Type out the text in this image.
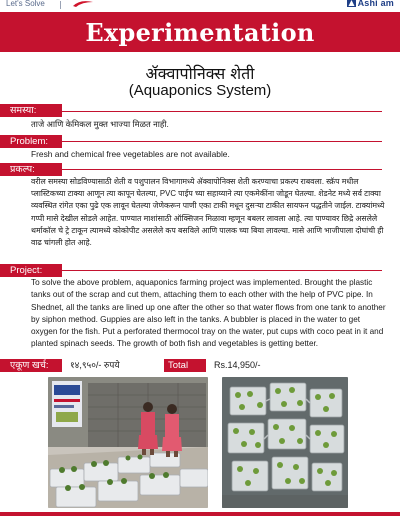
Let's Solve	Ashi am
Experimentation
ॲक्वापोनिक्स शेती
(Aquaponics System)
समस्या:
ताजे आणि केमिकल मुक्त भाज्या मिळत नाही.
Problem:
Fresh and chemical free vegetables are not available.
प्रकल्प:
वरील समस्या सोडविण्यासाठी शेती व पशुपालन विभागामध्ये ॲक्वापोनिक्स शेती करण्याचा प्रकल्प राबवला. स्क्रॅप मधील प्लास्टिकच्या टाक्या आणून त्या कापून घेतल्या, PVC पाईप च्या सहाय्याने त्या एकमेकींना जोडून घेतल्या. शेडनेट मध्ये सर्व टाक्या व्यवस्थित रांगेत एका पुढे एक लावून घेतल्या जेणेकरून पाणी एका टाकी मधून दुसऱ्या टाकीत सायफन पद्धतीने जाईल. टाक्यांमध्ये गप्पी मासे देखील सोडले आहेत. पाण्यात माशांसाठी ऑक्सिजन मिळावा म्हणून बबलर लावला आहे. त्या पाण्यावर छिद्रे असलेले थर्माकॉल चे ट्रे टाकून त्यामध्ये कोकोपीट असलेले कप बसविले आणि पालक च्या बिया लावल्या. मासे आणि भाजीपाला दोघांची ही वाढ चांगली होत आहे.
Project:
To solve the above problem, aquaponics farming project was implemented. Brought the plastic tanks out of the scrap and cut them, attaching them to each other with the help of PVC pipe. In Shednet, all the tanks are lined up one after the other so that water flows from one tank to another by siphon method. Guppies are also left in the tanks. A bubbler is placed in the water to get oxygen for the fish. Put a perforated thermocol tray on the water, put cups with coco peat in it and planted spinach seeds. The growth of both fish and vegetables is getting better.
एकूण खर्च:	१४,९५०/- रुपये	Total	Rs.14,950/-
